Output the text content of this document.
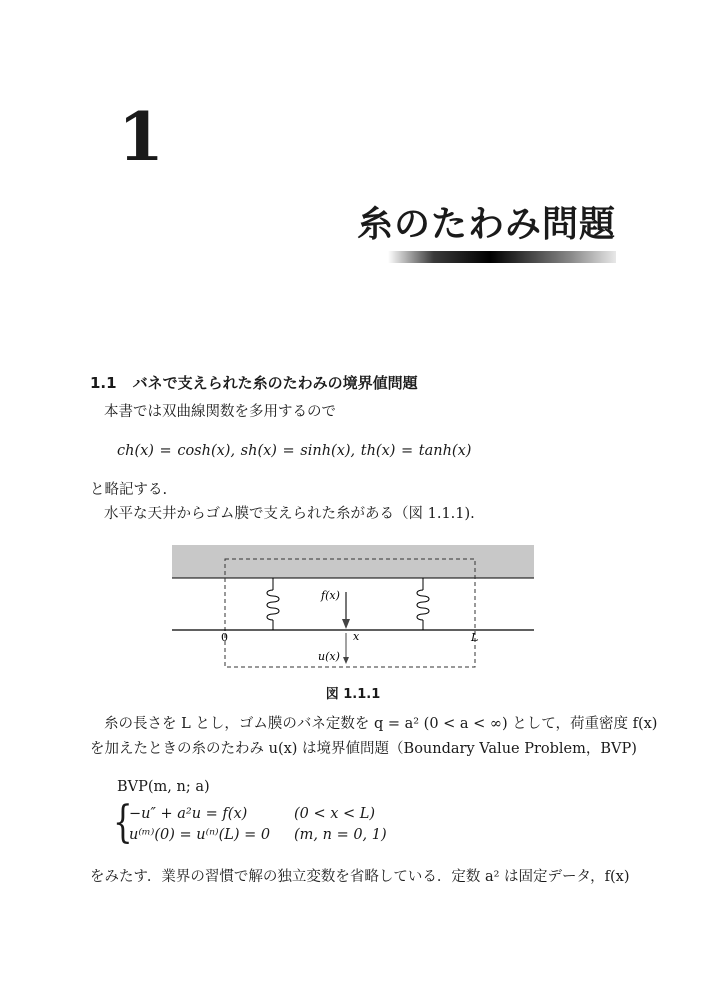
1
糸のたわみ問題
1.1 バネで支えられた糸のたわみの境界値問題
本書では双曲線関数を多用するので
ch(x) = cosh(x), sh(x) = sinh(x), th(x) = tanh(x)
と略記する.
水平な天井からゴム膜で支えられた糸がある（図 1.1.1).
f(x)
x
u(x)
0	L
図 1.1.1
糸の長さを L とし，ゴム膜のバネ定数を q = a² (0 < a < ∞) として，荷重密度 f(x)
を加えたときの糸のたわみ u(x) は境界値問題（Boundary Value Problem，BVP)
BVP(m, n; a)
{
−u″ + a²u = f(x)	(0 < x < L)
u⁽ᵐ⁾(0) = u⁽ⁿ⁾(L) = 0 (m, n = 0, 1)
をみたす．業界の習慣で解の独立変数を省略している．定数 a² は固定データ，f(x)
